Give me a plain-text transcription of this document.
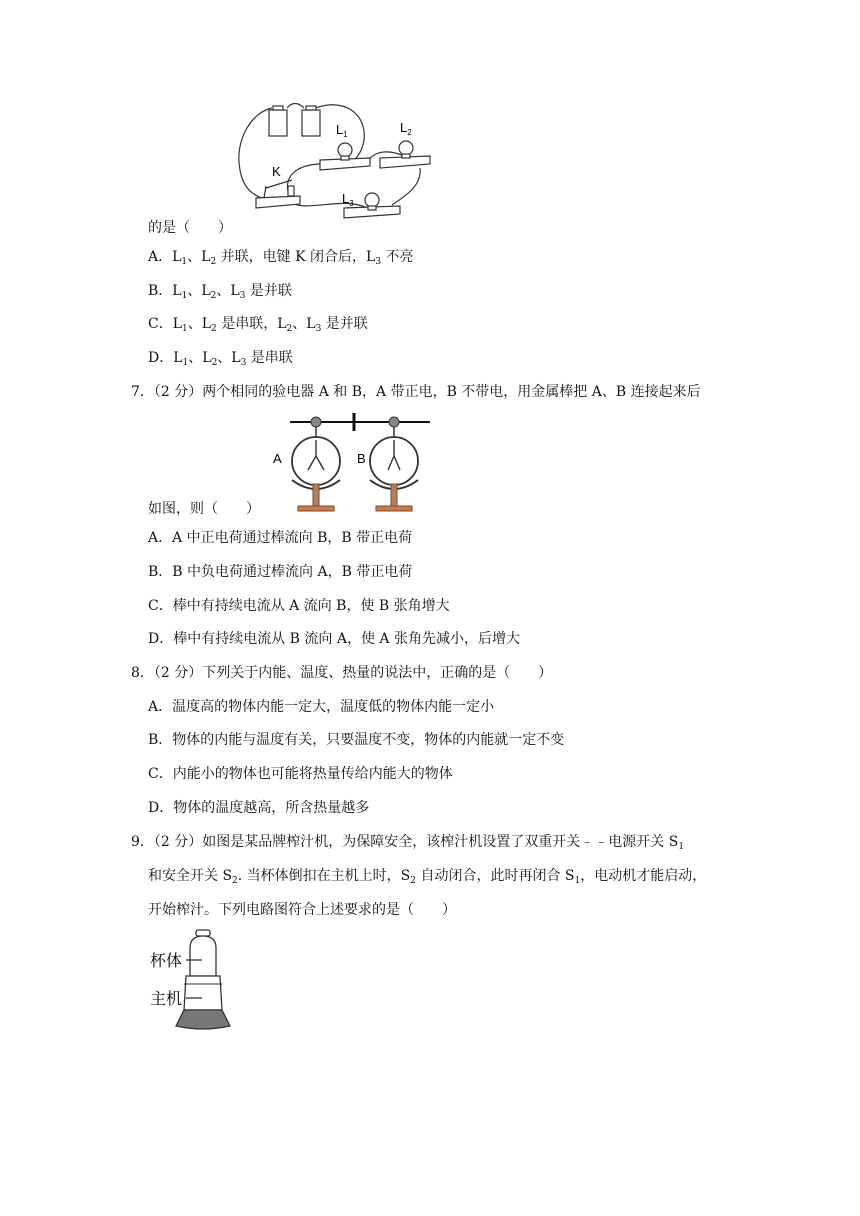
K
$L_1$	$L_2$
$L_3$
的是（　　）
A．$L_1$、$L_2$ 并联，电键 K 闭合后，$L_3$ 不亮
B．$L_1$、$L_2$、$L_3$ 是并联
C．$L_1$、$L_2$ 是串联，$L_2$、$L_3$ 是并联
D．$L_1$、$L_2$、$L_3$ 是串联
7．（2 分）两个相同的验电器 A 和 B，A 带正电，B 不带电，用金属棒把 A、B 连接起来后
A	B
如图，则（　　）
A．A 中正电荷通过棒流向 B，B 带正电荷
B．B 中负电荷通过棒流向 A，B 带正电荷
C．棒中有持续电流从 A 流向 B，使 B 张角增大
D．棒中有持续电流从 B 流向 A，使 A 张角先减小，后增大
8．（2 分）下列关于内能、温度、热量的说法中，正确的是（　　）
A．温度高的物体内能一定大，温度低的物体内能一定小
B．物体的内能与温度有关，只要温度不变，物体的内能就一定不变
C．内能小的物体也可能将热量传给内能大的物体
D．物体的温度越高，所含热量越多
9．（2 分）如图是某品牌榨汁机，为保障安全，该榨汁机设置了双重开关﹣﹣电源开关 $S_1$
和安全开关 $S_2$. 当杯体倒扣在主机上时，$S_2$ 自动闭合，此时再闭合 $S_1$，电动机才能启动，
开始榨汁。下列电路图符合上述要求的是（　　）
杯体
主机
